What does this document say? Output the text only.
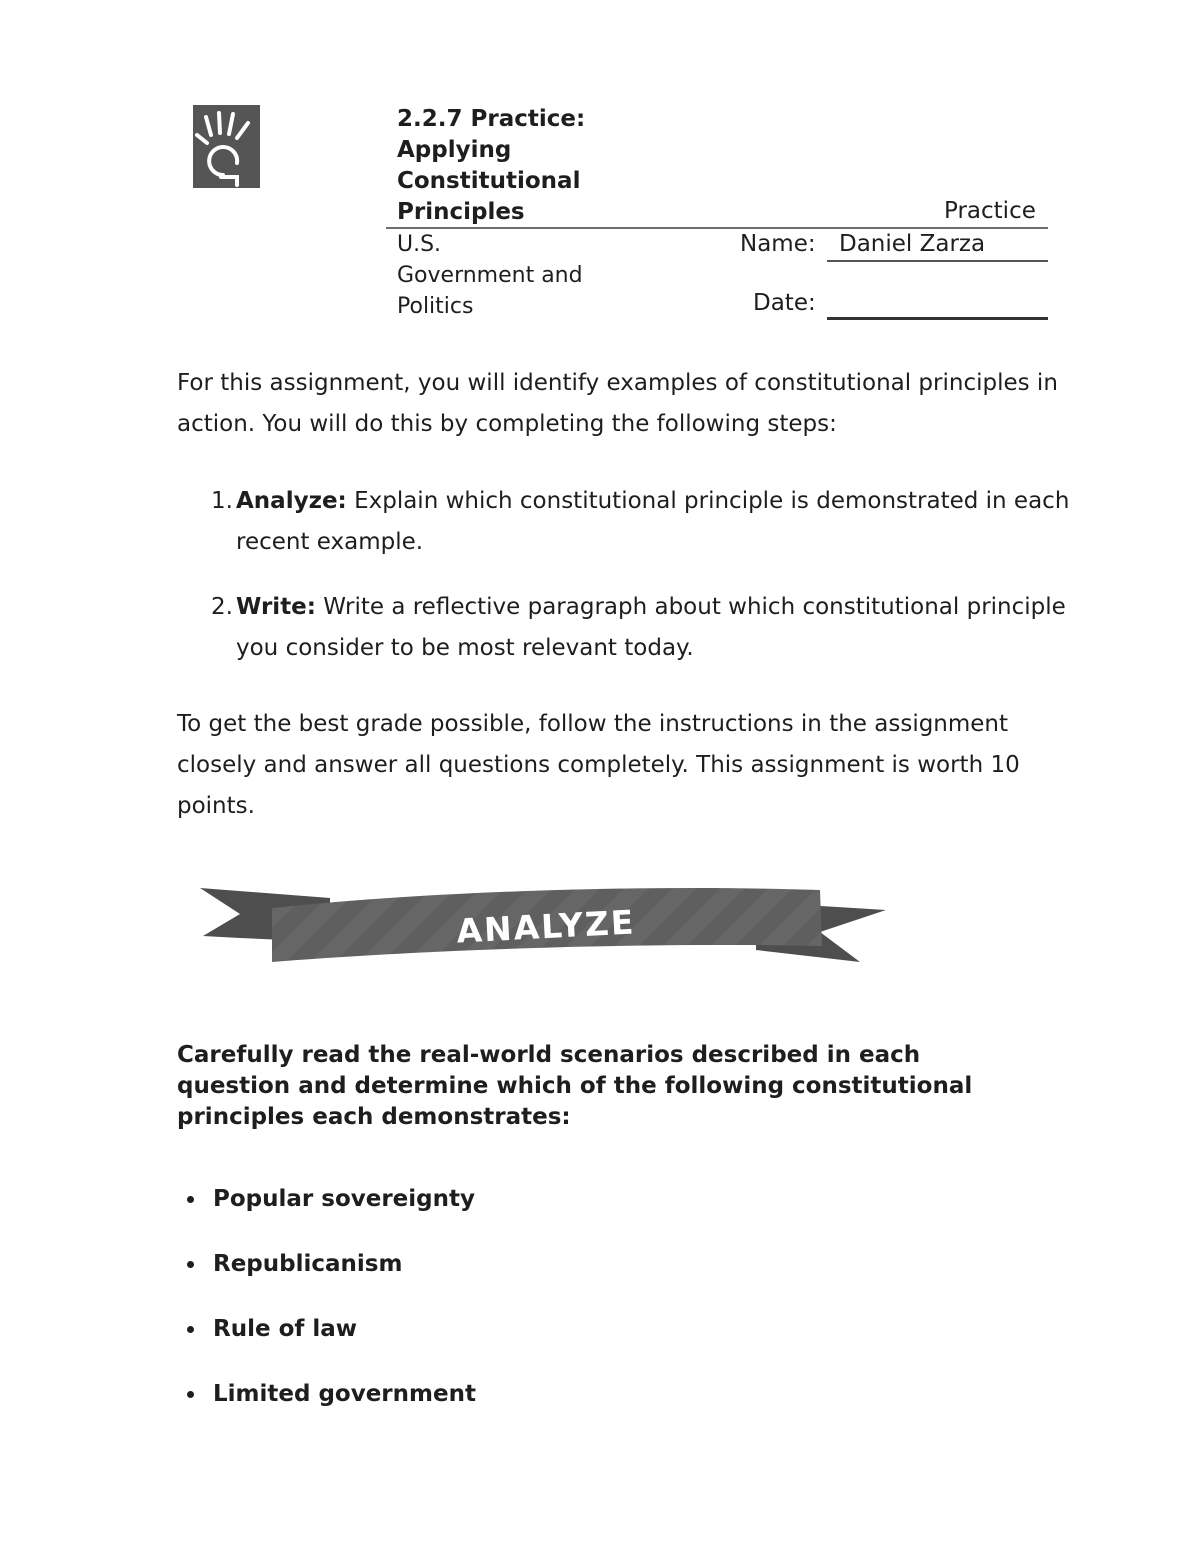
2.2.7 Practice:
Applying
Constitutional
Principles	Practice
U.S.
Government and
Politics
Name: Daniel Zarza
Date:
For this assignment, you will identify examples of constitutional principles in action. You will do this by completing the following steps:
1. Analyze: Explain which constitutional principle is demonstrated in each recent example.
2. Write: Write a reflective paragraph about which constitutional principle you consider to be most relevant today.
To get the best grade possible, follow the instructions in the assignment closely and answer all questions completely. This assignment is worth 10 points.
ANALYZE
Carefully read the real-world scenarios described in each question and determine which of the following constitutional principles each demonstrates:
Popular sovereignty
Republicanism
Rule of law
Limited government
